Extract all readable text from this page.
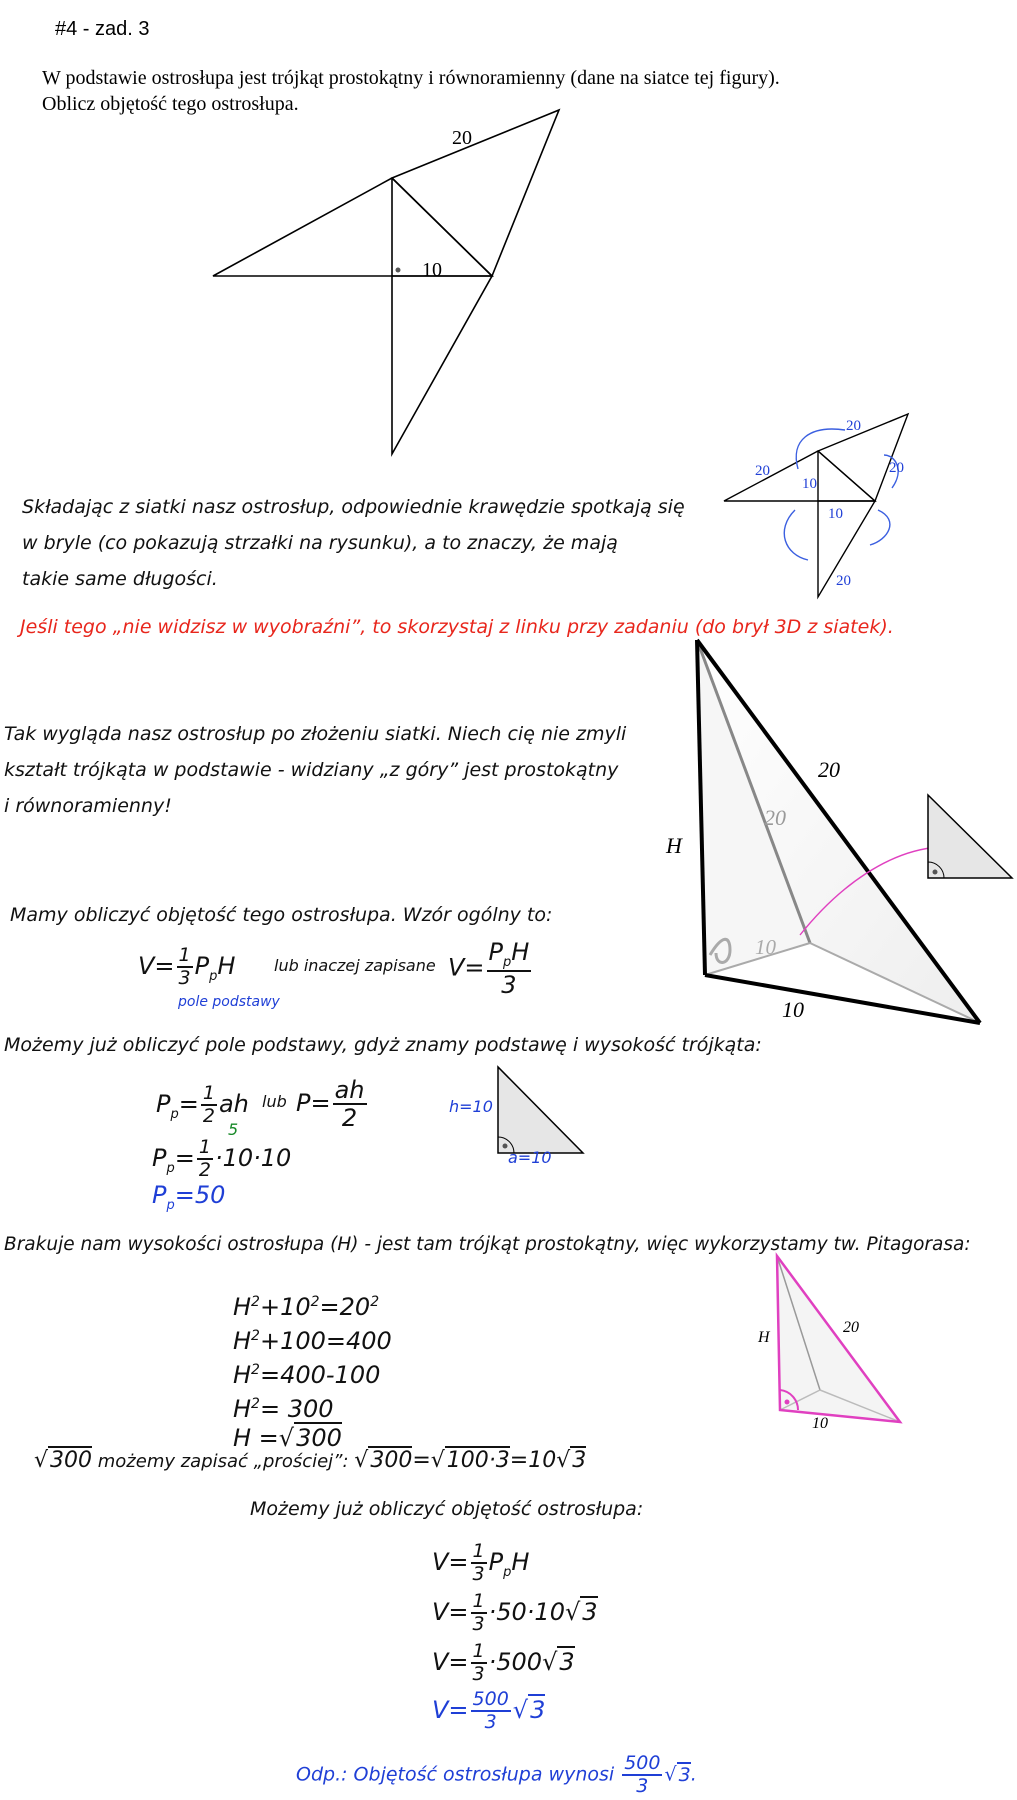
#4 - zad. 3
W podstawie ostrosłupa jest trójkąt prostokątny i równoramienny (dane na siatce tej figury).
Oblicz objętość tego ostrosłupa.
20
10
20
20	20
20
10
10
Składając z siatki nasz ostrosłup, odpowiednie krawędzie spotkają się
w bryle (co pokazują strzałki na rysunku), a to znaczy, że mają
takie same długości.
Jeśli tego „nie widzisz w wyobraźni”, to skorzystaj z linku przy zadaniu (do brył 3D z siatek).
H
20
20
10
10
Tak wygląda nasz ostrosłup po złożeniu siatki. Niech cię nie zmyli
kształt trójkąta w podstawie - widziany „z góry” jest prostokątny
i równoramienny!
Mamy obliczyć objętość tego ostrosłupa. Wzór ogólny to:
$V= \frac{1}{3} P_pH$ lub inaczej zapisane $V= \frac{P_pH}{3}$
pole podstawy
Możemy już obliczyć pole podstawy, gdyż znamy podstawę i wysokość trójkąta:
$P_p= \frac{1}{2}$ ah lub $P= \frac{ah}{2}$
$P_p= \frac{1}{2} \cdot 10\cdot 10$
5
$P_p=50$
h=10
a=10
Brakuje nam wysokości ostrosłupa (H) - jest tam trójkąt prostokątny, więc wykorzystamy tw. Pitagorasa:
$H^2+10^2=20^2$
$H^2+100=400$
$H^2=400-100$
$H^2= 300$
H =√300
H
20
10
√300 możemy zapisać „prościej”: √300=√100·3=10√3
Możemy już obliczyć objętość ostrosłupa:
$V= \frac{1}{3} P_pH$
$V= \frac{1}{3} \cdot 50\cdot 10√3$
$V= \frac{1}{3} \cdot 500√3$
$V= \frac{500}{3} √3$
Odp.: Objętość ostrosłupa wynosi $\frac{500}{3}$ √ 3.
